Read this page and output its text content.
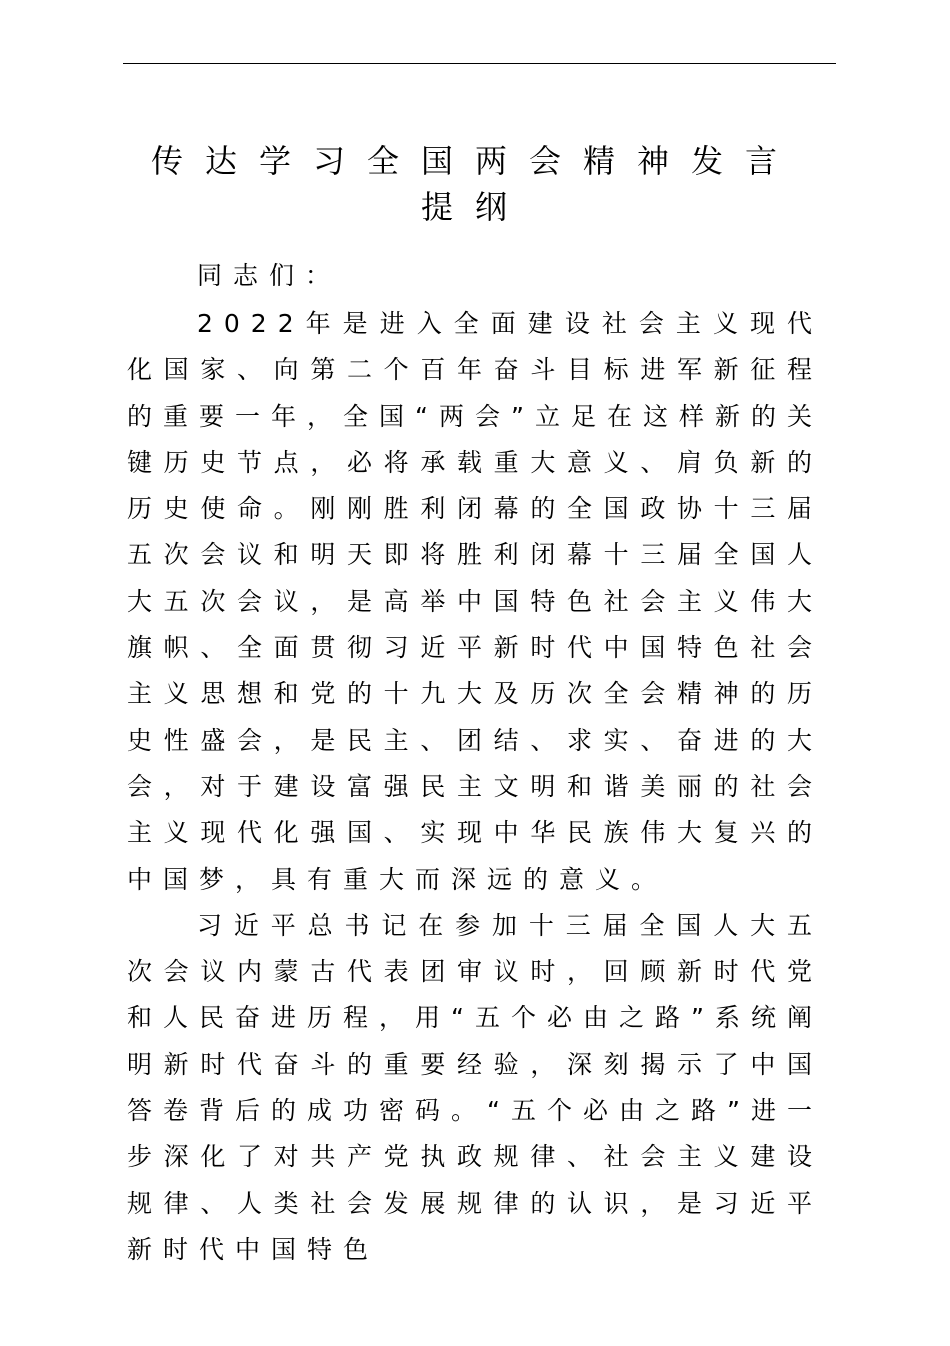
传达学习全国两会精神发言提纲

同志们：

2022年是进入全面建设社会主义现代化国家、向第二个百年奋斗目标进军新征程的重要一年，全国“两会”立足在这样新的关键历史节点，必将承载重大意义、肩负新的历史使命。刚刚胜利闭幕的全国政协十三届五次会议和明天即将胜利闭幕十三届全国人大五次会议，是高举中国特色社会主义伟大旗帜、全面贯彻习近平新时代中国特色社会主义思想和党的十九大及历次全会精神的历史性盛会，是民主、团结、求实、奋进的大会，对于建设富强民主文明和谐美丽的社会主义现代化强国、实现中华民族伟大复兴的中国梦，具有重大而深远的意义。

习近平总书记在参加十三届全国人大五次会议内蒙古代表团审议时，回顾新时代党和人民奋进历程，用“五个必由之路”系统阐明新时代奋斗的重要经验，深刻揭示了中国答卷背后的成功密码。“五个必由之路”进一步深化了对共产党执政规律、社会主义建设规律、人类社会发展规律的认识，是习近平新时代中国特色
